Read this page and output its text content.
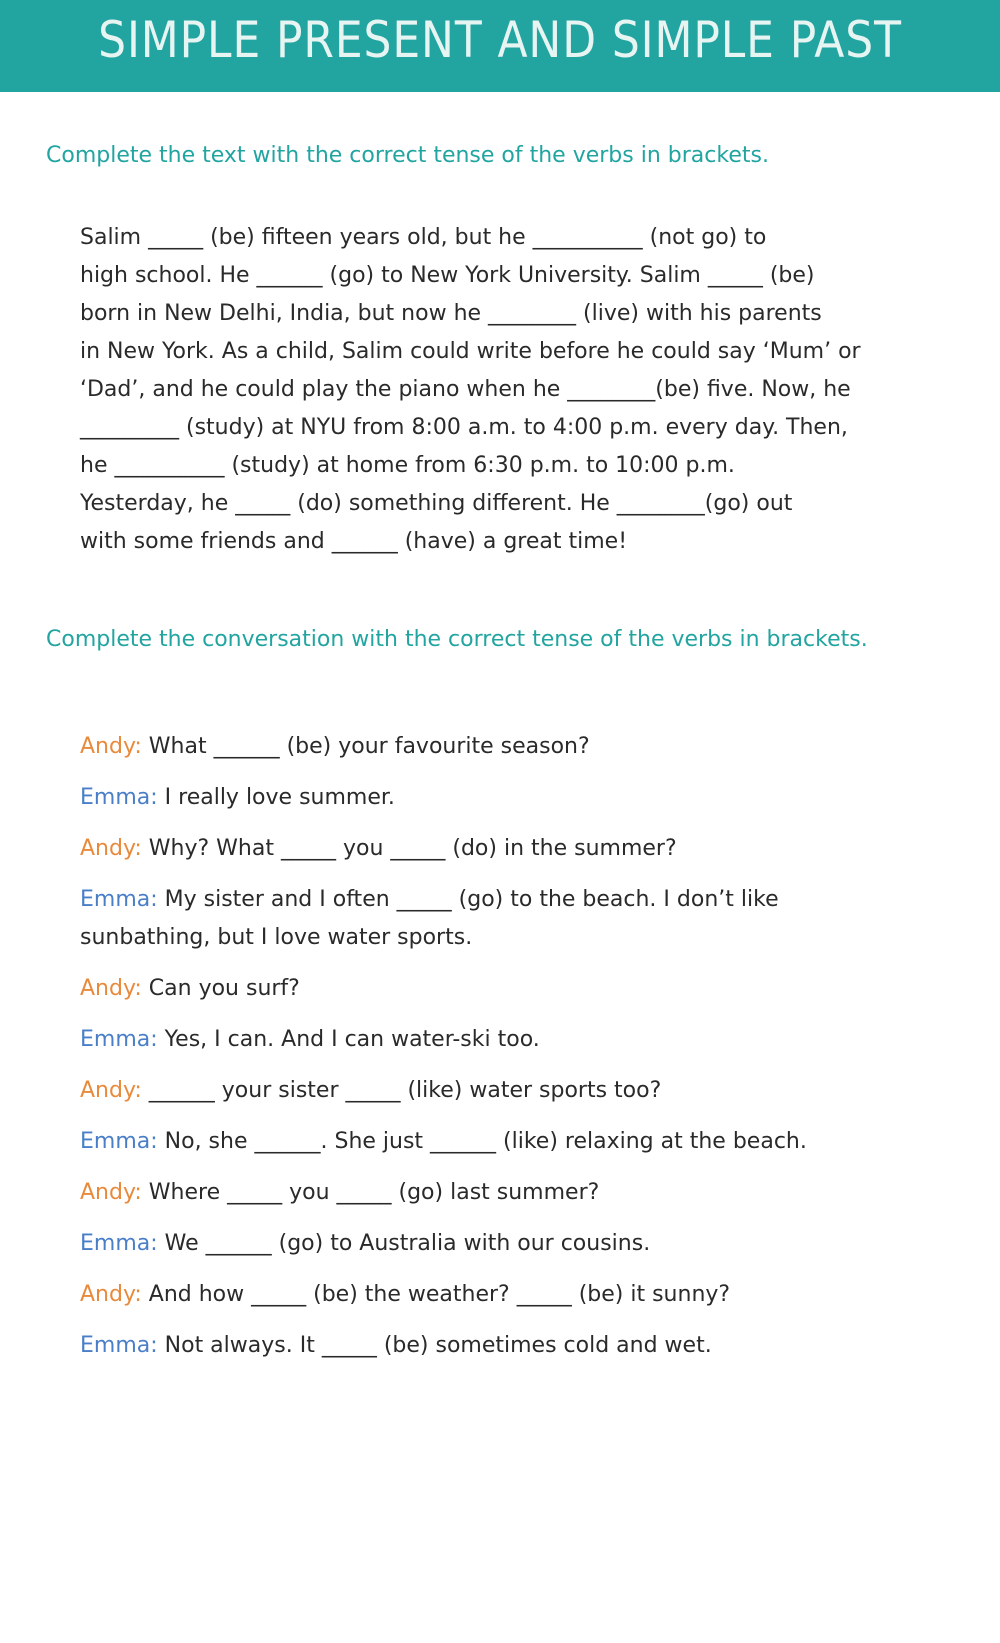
SIMPLE PRESENT AND SIMPLE PAST

Complete the text with the correct tense of the verbs in brackets.

Salim _____ (be) fifteen years old, but he __________ (not go) to
high school. He ______ (go) to New York University. Salim _____ (be)
born in New Delhi, India, but now he ________ (live) with his parents
in New York. As a child, Salim could write before he could say ‘Mum’ or
‘Dad’, and he could play the piano when he ________(be) five. Now, he
_________ (study) at NYU from 8:00 a.m. to 4:00 p.m. every day. Then,
he __________ (study) at home from 6:30 p.m. to 10:00 p.m.
Yesterday, he _____ (do) something different. He ________(go) out
with some friends and ______ (have) a great time!

Complete the conversation with the correct tense of the verbs in brackets.

Andy: What ______ (be) your favourite season?
Emma: I really love summer.
Andy: Why? What _____ you _____ (do) in the summer?
Emma: My sister and I often _____ (go) to the beach. I don’t like
sunbathing, but I love water sports.
Andy: Can you surf?
Emma: Yes, I can. And I can water-ski too.
Andy: ______ your sister _____ (like) water sports too?
Emma: No, she ______. She just ______ (like) relaxing at the beach.
Andy: Where _____ you _____ (go) last summer?
Emma: We ______ (go) to Australia with our cousins.
Andy: And how _____ (be) the weather? _____ (be) it sunny?
Emma: Not always. It _____ (be) sometimes cold and wet.
